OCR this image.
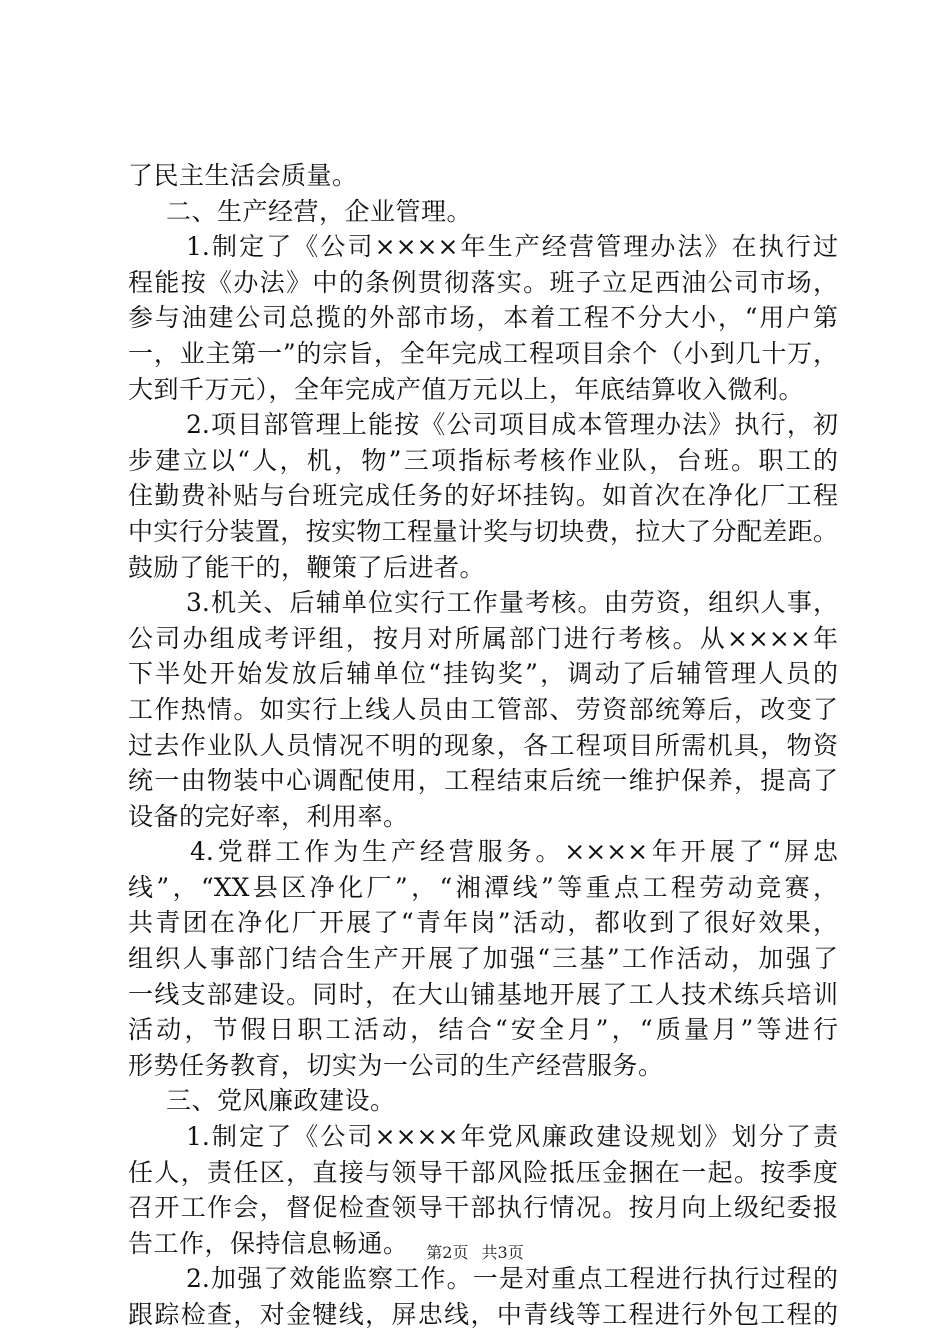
了民主生活会质量。
二、生产经营，企业管理。
1.制定了《公司××××年生产经营管理办法》在执行过
程能按《办法》中的条例贯彻落实。班子立足西油公司市场，
参与油建公司总揽的外部市场，本着工程不分大小，“用户第
一，业主第一”的宗旨，全年完成工程项目余个（小到几十万，
大到千万元），全年完成产值万元以上，年底结算收入微利。
2.项目部管理上能按《公司项目成本管理办法》执行，初
步建立以“人，机，物”三项指标考核作业队，台班。职工的
住勤费补贴与台班完成任务的好坏挂钩。如首次在净化厂工程
中实行分装置，按实物工程量计奖与切块费，拉大了分配差距。
鼓励了能干的，鞭策了后进者。
3.机关、后辅单位实行工作量考核。由劳资，组织人事，
公司办组成考评组，按月对所属部门进行考核。从××××年
下半处开始发放后辅单位“挂钩奖”，调动了后辅管理人员的
工作热情。如实行上线人员由工管部、劳资部统筹后，改变了
过去作业队人员情况不明的现象，各工程项目所需机具，物资
统一由物装中心调配使用，工程结束后统一维护保养，提高了
设备的完好率，利用率。
4.党群工作为生产经营服务。××××年开展了“屏忠
线”，“XX县区净化厂”，“湘潭线”等重点工程劳动竞赛，
共青团在净化厂开展了“青年岗”活动，都收到了很好效果，
组织人事部门结合生产开展了加强“三基”工作活动，加强了
一线支部建设。同时，在大山铺基地开展了工人技术练兵培训
活动，节假日职工活动，结合“安全月”，“质量月”等进行
形势任务教育，切实为一公司的生产经营服务。
三、党风廉政建设。
1.制定了《公司××××年党风廉政建设规划》划分了责
任人，责任区，直接与领导干部风险抵压金捆在一起。按季度
召开工作会，督促检查领导干部执行情况。按月向上级纪委报
告工作，保持信息畅通。
2.加强了效能监察工作。一是对重点工程进行执行过程的
跟踪检查，对金犍线，屏忠线，中青线等工程进行外包工程的
第2页 共3页
